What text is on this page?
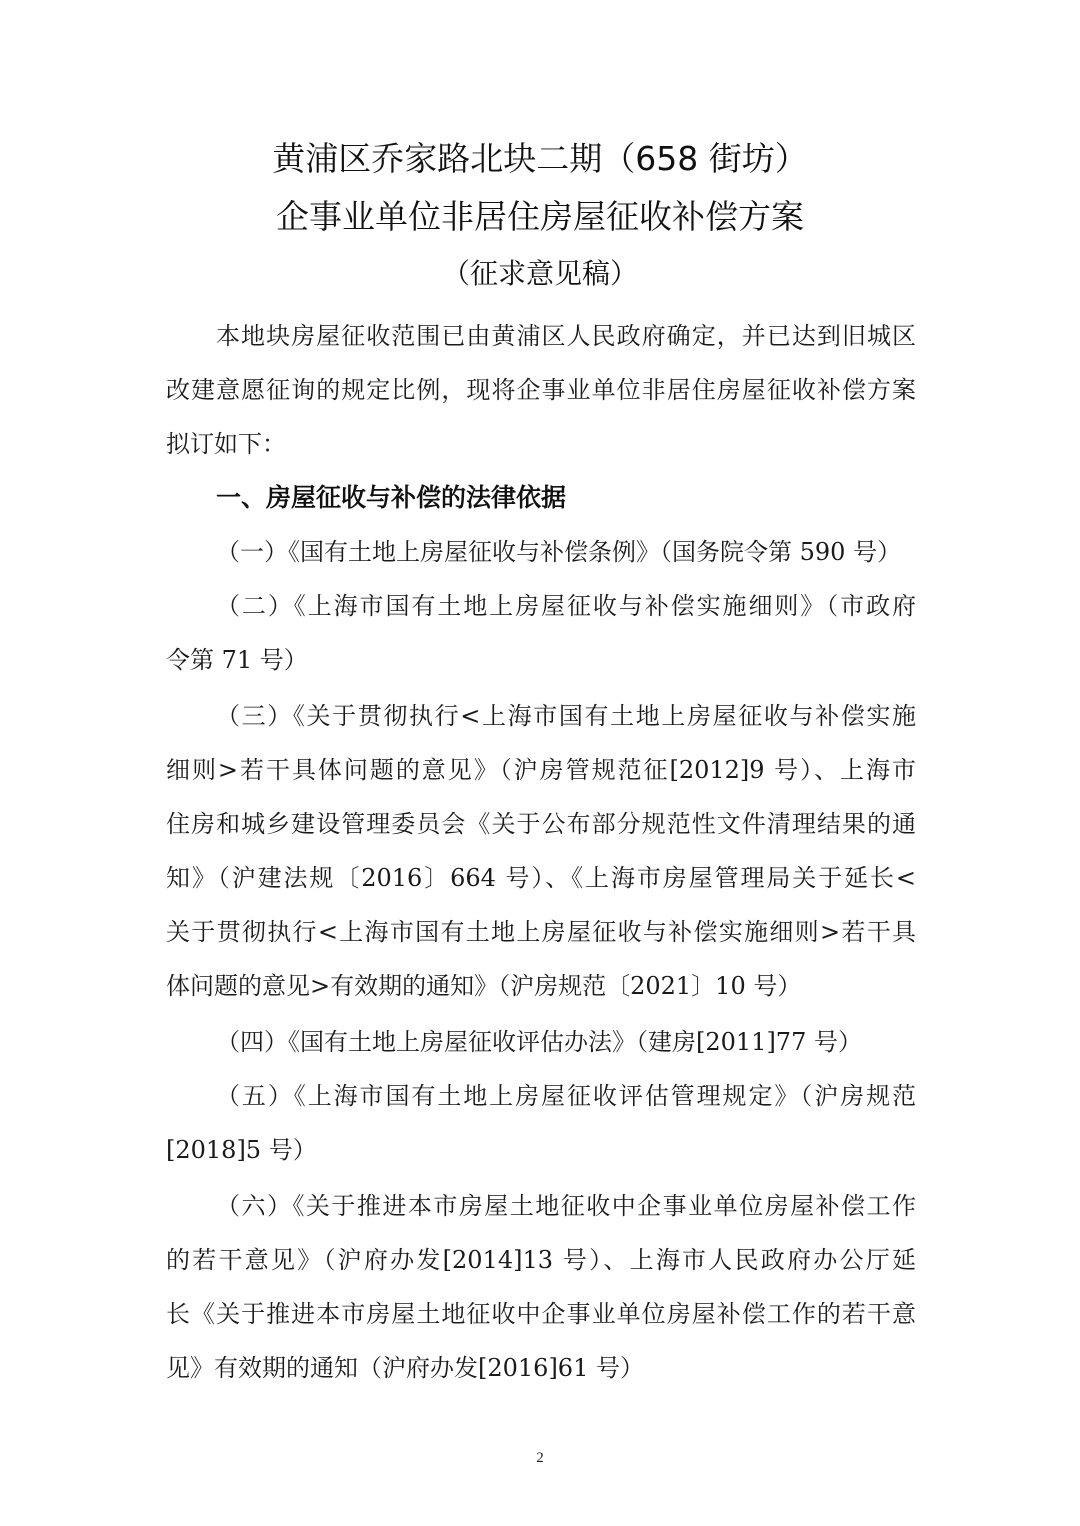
黄浦区乔家路北块二期（658 街坊）
企事业单位非居住房屋征收补偿方案
（征求意见稿）
本地块房屋征收范围已由黄浦区人民政府确定，并已达到旧城区
改建意愿征询的规定比例，现将企事业单位非居住房屋征收补偿方案
拟订如下：
一、房屋征收与补偿的法律依据
（一）《国有土地上房屋征收与补偿条例》（国务院令第 590 号）
（二）《上海市国有土地上房屋征收与补偿实施细则》（市政府
令第 71 号）
（三）《关于贯彻执行<上海市国有土地上房屋征收与补偿实施
细则>若干具体问题的意见》（沪房管规范征[2012]9 号）、上海市
住房和城乡建设管理委员会《关于公布部分规范性文件清理结果的通
知》（沪建法规〔2016〕664 号）、《上海市房屋管理局关于延长<
关于贯彻执行<上海市国有土地上房屋征收与补偿实施细则>若干具
体问题的意见>有效期的通知》（沪房规范〔2021〕10 号）
（四）《国有土地上房屋征收评估办法》（建房[2011]77 号）
（五）《上海市国有土地上房屋征收评估管理规定》（沪房规范
[2018]5 号）
（六）《关于推进本市房屋土地征收中企事业单位房屋补偿工作
的若干意见》（沪府办发[2014]13 号）、上海市人民政府办公厅延
长《关于推进本市房屋土地征收中企事业单位房屋补偿工作的若干意
见》有效期的通知（沪府办发[2016]61 号）
2
